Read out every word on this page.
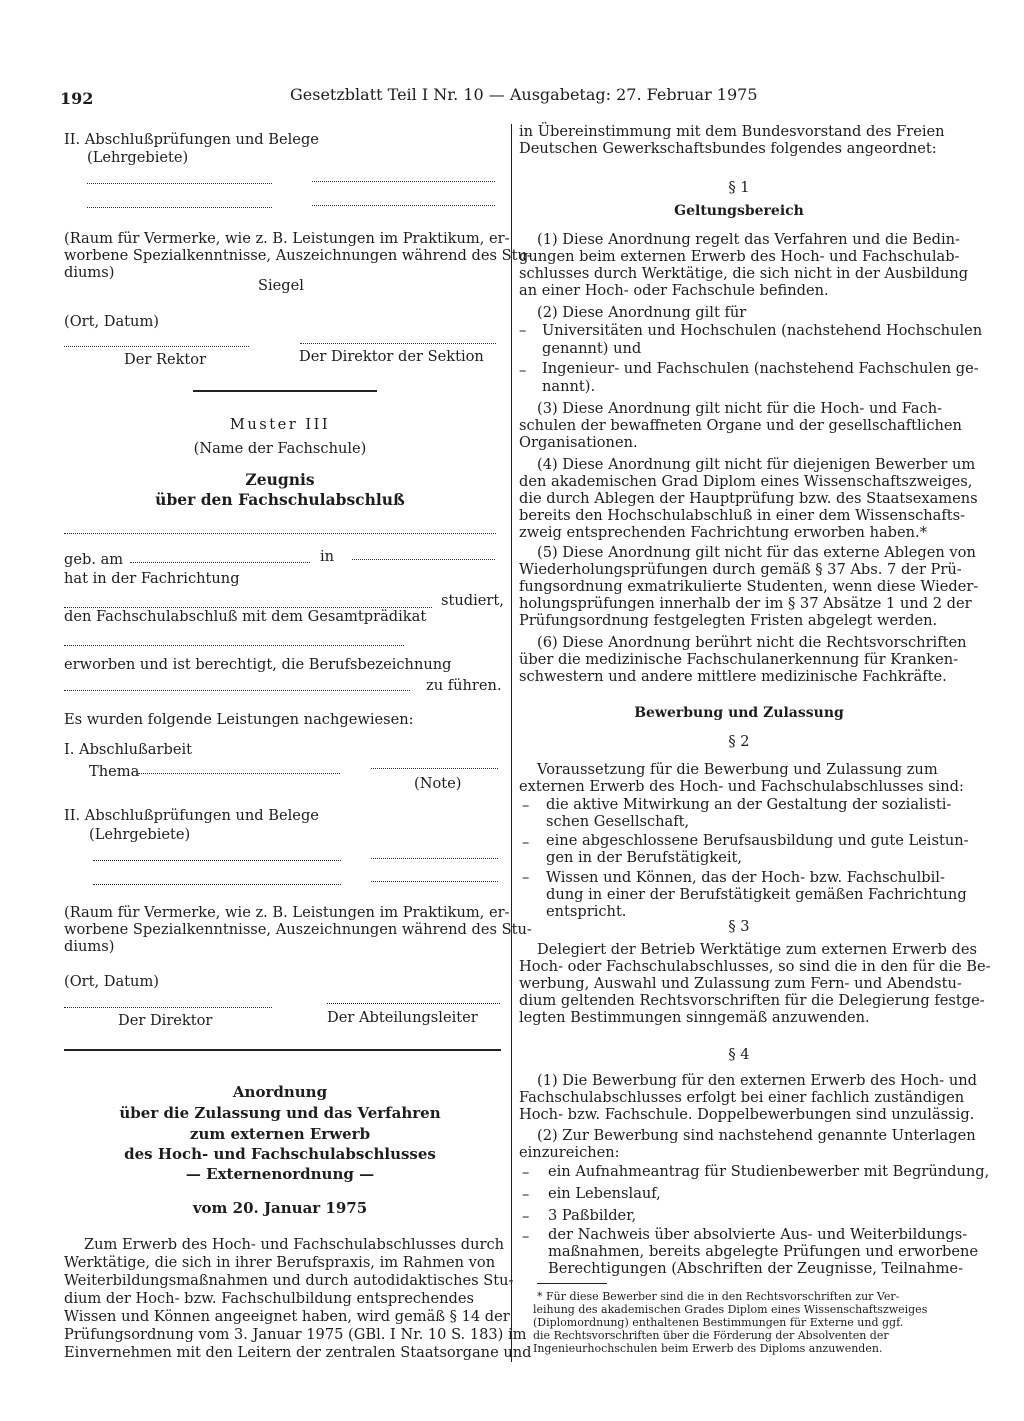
192	Gesetzblatt Teil I Nr. 10 — Ausgabetag: 27. Februar 1975
II. Abschlußprüfungen und Belege
(Lehrgebiete)
(Raum für Vermerke, wie z. B. Leistungen im Praktikum, er-
worbene Spezialkenntnisse, Auszeichnungen während des Stu-
diums)
Siegel
(Ort, Datum)
Der Rektor	Der Direktor der Sektion
Muster III
(Name der Fachschule)
Zeugnis
über den Fachschulabschluß
geb. am	in
hat in der Fachrichtung
studiert,
den Fachschulabschluß mit dem Gesamtprädikat
erworben und ist berechtigt, die Berufsbezeichnung
zu führen.
Es wurden folgende Leistungen nachgewiesen:
I. Abschlußarbeit
Thema
(Note)
II. Abschlußprüfungen und Belege
(Lehrgebiete)
(Raum für Vermerke, wie z. B. Leistungen im Praktikum, er-
worbene Spezialkenntnisse, Auszeichnungen während des Stu-
diums)
(Ort, Datum)
Der Direktor	Der Abteilungsleiter
Anordnung
über die Zulassung und das Verfahren
zum externen Erwerb
des Hoch- und Fachschulabschlusses
— Externenordnung —
vom 20. Januar 1975
Zum Erwerb des Hoch- und Fachschulabschlusses durch
Werktätige, die sich in ihrer Berufspraxis, im Rahmen von
Weiterbildungsmaßnahmen und durch autodidaktisches Stu-
dium der Hoch- bzw. Fachschulbildung entsprechendes
Wissen und Können angeeignet haben, wird gemäß § 14 der
Prüfungsordnung vom 3. Januar 1975 (GBl. I Nr. 10 S. 183) im
Einvernehmen mit den Leitern der zentralen Staatsorgane und
in Übereinstimmung mit dem Bundesvorstand des Freien
Deutschen Gewerkschaftsbundes folgendes angeordnet:
§ 1
Geltungsbereich
(1) Diese Anordnung regelt das Verfahren und die Bedin-
gungen beim externen Erwerb des Hoch- und Fachschulab-
schlusses durch Werktätige, die sich nicht in der Ausbildung
an einer Hoch- oder Fachschule befinden.
(2) Diese Anordnung gilt für
– Universitäten und Hochschulen (nachstehend Hochschulen
genannt) und
– Ingenieur- und Fachschulen (nachstehend Fachschulen ge-
nannt).
(3) Diese Anordnung gilt nicht für die Hoch- und Fach-
schulen der bewaffneten Organe und der gesellschaftlichen
Organisationen.
(4) Diese Anordnung gilt nicht für diejenigen Bewerber um
den akademischen Grad Diplom eines Wissenschaftszweiges,
die durch Ablegen der Hauptprüfung bzw. des Staatsexamens
bereits den Hochschulabschluß in einer dem Wissenschafts-
zweig entsprechenden Fachrichtung erworben haben.*
(5) Diese Anordnung gilt nicht für das externe Ablegen von
Wiederholungsprüfungen durch gemäß § 37 Abs. 7 der Prü-
fungsordnung exmatrikulierte Studenten, wenn diese Wieder-
holungsprüfungen innerhalb der im § 37 Absätze 1 und 2 der
Prüfungsordnung festgelegten Fristen abgelegt werden.
(6) Diese Anordnung berührt nicht die Rechtsvorschriften
über die medizinische Fachschulanerkennung für Kranken-
schwestern und andere mittlere medizinische Fachkräfte.
Bewerbung und Zulassung
§ 2
Voraussetzung für die Bewerbung und Zulassung zum
externen Erwerb des Hoch- und Fachschulabschlusses sind:
– die aktive Mitwirkung an der Gestaltung der sozialisti-
schen Gesellschaft,
– eine abgeschlossene Berufsausbildung und gute Leistun-
gen in der Berufstätigkeit,
– Wissen und Können, das der Hoch- bzw. Fachschulbil-
dung in einer der Berufstätigkeit gemäßen Fachrichtung
entspricht.
§ 3
Delegiert der Betrieb Werktätige zum externen Erwerb des
Hoch- oder Fachschulabschlusses, so sind die in den für die Be-
werbung, Auswahl und Zulassung zum Fern- und Abendstu-
dium geltenden Rechtsvorschriften für die Delegierung festge-
legten Bestimmungen sinngemäß anzuwenden.
§ 4
(1) Die Bewerbung für den externen Erwerb des Hoch- und
Fachschulabschlusses erfolgt bei einer fachlich zuständigen
Hoch- bzw. Fachschule. Doppelbewerbungen sind unzulässig.
(2) Zur Bewerbung sind nachstehend genannte Unterlagen
einzureichen:
– ein Aufnahmeantrag für Studienbewerber mit Begründung,
– ein Lebenslauf,
– 3 Paßbilder,
– der Nachweis über absolvierte Aus- und Weiterbildungs-
maßnahmen, bereits abgelegte Prüfungen und erworbene
Berechtigungen (Abschriften der Zeugnisse, Teilnahme-
* Für diese Bewerber sind die in den Rechtsvorschriften zur Ver-
leihung des akademischen Grades Diplom eines Wissenschaftszweiges
(Diplomordnung) enthaltenen Bestimmungen für Externe und ggf.
die Rechtsvorschriften über die Förderung der Absolventen der
Ingenieurhochschulen beim Erwerb des Diploms anzuwenden.
